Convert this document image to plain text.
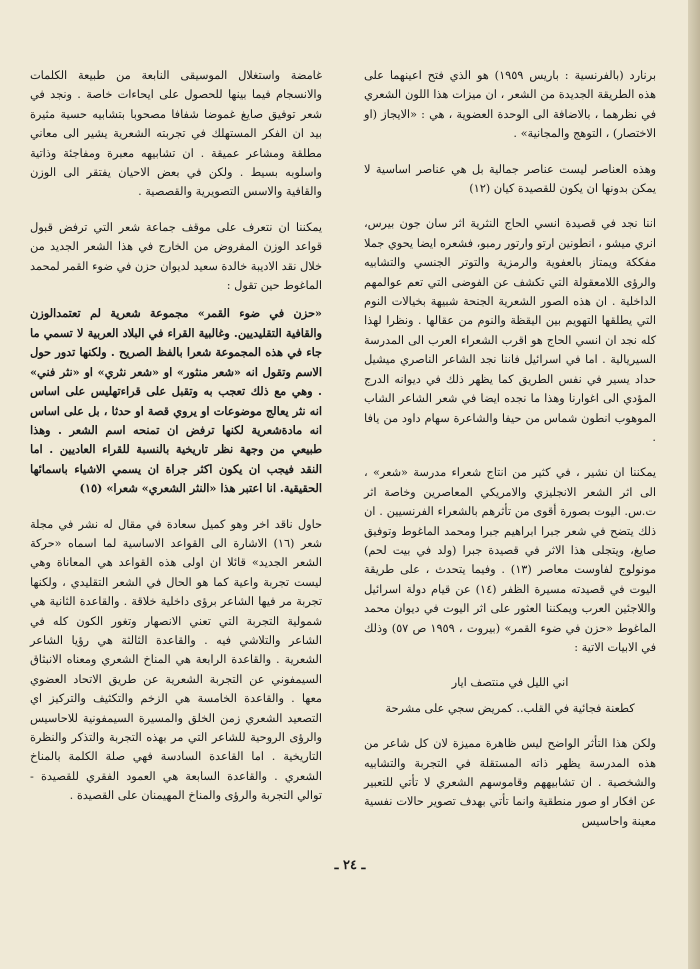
برنارد (بالفرنسية : باريس ١٩٥٩) هو الذي فتح اعينهما على هذه الطريقة الجديدة من الشعر ، ان ميزات هذا اللون الشعري في نظرهما ، بالاضافة الى الوحدة العضوية ، هي : «الايجاز (او الاختصار) ، التوهج والمجانية» .

وهذه العناصر ليست عناصر جمالية بل هي عناصر اساسية لا يمكن بدونها ان يكون للقصيدة كيان (١٢)

اننا نجد في قصيدة انسي الحاج النثرية اثر سان جون بيرس، انري ميشو ، انطونين ارتو وارتور رمبو، فشعره ايضا يحوي جملا مفككة ويمتاز بالعفوية والرمزية والتوتر الجنسي والتشابيه والرؤى اللامعقولة التي تكشف عن الفوضى التي تعم عوالمهم الداخلية . ان هذه الصور الشعرية الجنحة شبيهة بخيالات النوم التي يطلقها التهويم بين اليقظة والنوم من عقالها . ونظرا لهذا كله نجد ان انسي الحاج هو اقرب الشعراء العرب الى المدرسة السيريالية . اما في اسرائيل فاننا نجد الشاعر الناصري ميشيل حداد يسير في نفس الطريق كما يظهر ذلك في ديوانه الدرج المؤدي الى اغوارنا وهذا ما نجده ايضا في شعر الشاعر الشاب الموهوب انطون شماس من حيفا والشاعرة سهام داود من يافا .

يمكننا ان نشير ، في كثير من انتاج شعراء مدرسة «شعر» ، الى اثر الشعر الانجليزي والامريكي المعاصرين وخاصة اثر ت.س. اليوت بصورة أقوى من تأثرهم بالشعراء الفرنسيين . ان ذلك يتضح في شعر جبرا ابراهيم جبرا ومحمد الماغوط وتوفيق صايغ، ويتجلى هذا الاثر في قصيدة جبرا (ولد في بيت لحم) مونولوج لفاوست معاصر (١٣) . وفيما يتحدث ، على طريقة اليوت في قصيدته مسيرة الظفر (١٤) عن قيام دولة اسرائيل واللاجئين العرب ويمكننا العثور على اثر اليوت في ديوان محمد الماغوط «حزن في ضوء القمر» (بيروت ، ١٩٥٩ ص ٥٧) وذلك في الابيات الاتية :

اني الليل في منتصف ايار

كطعنة فجائية في القلب.. كمريض سجي على مشرحة

ولكن هذا التأثر الواضح ليس ظاهرة مميزة لان كل شاعر من هذه المدرسة يظهر ذاته المستقلة في التجربة والتشابيه والشخصية . ان تشابيههم وقاموسهم الشعري لا تأتي للتعبير عن افكار او صور منطقية وانما تأتي بهدف تصوير حالات نفسية معينة واحاسيس

غامضة واستغلال الموسيقى النابعة من طبيعة الكلمات والانسجام فيما بينها للحصول على ايحاءات خاصة . ونجد في شعر توفيق صايغ غموضا شفافا مصحوبا بتشابيه حسية مثيرة بيد ان الفكر المستهلك في تجربته الشعرية يشير الى معاني مطلقة ومشاعر عميقة . ان تشابيهه معبرة ومفاجئة وذاتية واسلوبه بسيط . ولكن في بعض الاحيان يفتقر الى الوزن والقافية والاسس التصويرية والقصصية .

يمكننا ان نتعرف على موقف جماعة شعر التي ترفض قبول قواعد الوزن المفروض من الخارج في هذا الشعر الجديد من خلال نقد الاديبة خالدة سعيد لديوان حزن في ضوء القمر لمحمد الماغوط حين تقول :

«حزن في ضوء القمر» مجموعة شعرية لم تعتمدالوزن والقافية التقليديين. وغالبية القراء في البلاد العربية لا تسمي ما جاء في هذه المجموعة شعرا بالفظ الصريح . ولكنها تدور حول الاسم وتقول انه «شعر منثور» او «شعر نثري» او «نثر فني» . وهي مع ذلك تعجب به وتقبل على قراءتهليس على اساس انه نثر يعالج موضوعات او يروي قصة او حدثا ، بل على اساس انه مادةشعرية لكنها ترفض ان تمنحه اسم الشعر . وهذا طبيعي من وجهة نظر تاريخية بالنسبة للقراء العاديين . اما النقد فيجب ان يكون اكثر جراة ان يسمي الاشياء باسمائها الحقيقية. انا اعتبر هذا «النثر الشعري» شعرا» (١٥)

حاول ناقد اخر وهو كميل سعادة في مقال له نشر في مجلة شعر (١٦) الاشارة الى القواعد الاساسية لما اسماه «حركة الشعر الجديد» قائلا ان اولى هذه القواعد هي المعاناة وهي ليست تجربة واعية كما هو الحال في الشعر التقليدي ، ولكنها تجربة مر فيها الشاعر برؤى داخلية خلاقة . والقاعدة الثانية هي شمولية التجربة التي تعني الانصهار وتغور الكون كله في الشاعر والتلاشي فيه . والقاعدة الثالثة هي رؤيا الشاعر الشعرية . والقاعدة الرابعة هي المناخ الشعري ومعناه الانبثاق السيمفوني عن التجربة الشعرية عن طريق الاتحاد العضوي معها . والقاعدة الخامسة هي الزخم والتكثيف والتركيز اي التصعيد الشعري زمن الخلق والمسيرة السيمفونية للاحاسيس والرؤى الروحية للشاعر التي مر بهذه التجربة والتذكر والنظرة التاريخية . اما القاعدة السادسة فهي صلة الكلمة بالمناخ الشعري . والقاعدة السابعة هي العمود الفقري للقصيدة - توالي التجربة والرؤى والمناخ المهيمنان على القصيدة .

ـ ٢٤ ـ
